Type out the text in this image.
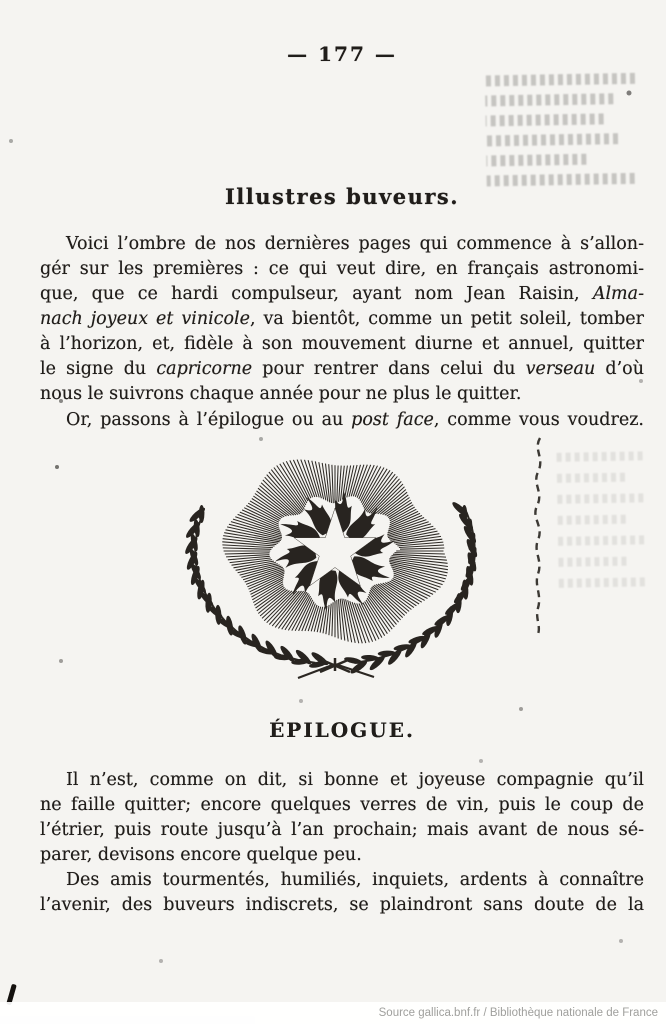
— 177 —
Illustres buveurs.
Voici l’ombre de nos dernières pages qui commence à s’allon-
gér sur les premières : ce qui veut dire, en français astronomi-
que, que ce hardi compulseur, ayant nom Jean Raisin, Alma-
nach joyeux et vinicole, va bientôt, comme un petit soleil, tomber
à l’horizon, et, fidèle à son mouvement diurne et annuel, quitter
le signe du capricorne pour rentrer dans celui du verseau d’où
nous le suivrons chaque année pour ne plus le quitter.
Or, passons à l’épilogue ou au post face, comme vous voudrez.
ÉPILOGUE.
Il n’est, comme on dit, si bonne et joyeuse compagnie qu’il
ne faille quitter; encore quelques verres de vin, puis le coup de
l’étrier, puis route jusqu’à l’an prochain; mais avant de nous sé-
parer, devisons encore quelque peu.
Des amis tourmentés, humiliés, inquiets, ardents à connaître
l’avenir, des buveurs indiscrets, se plaindront sans doute de la
Source gallica.bnf.fr / Bibliothèque nationale de France
